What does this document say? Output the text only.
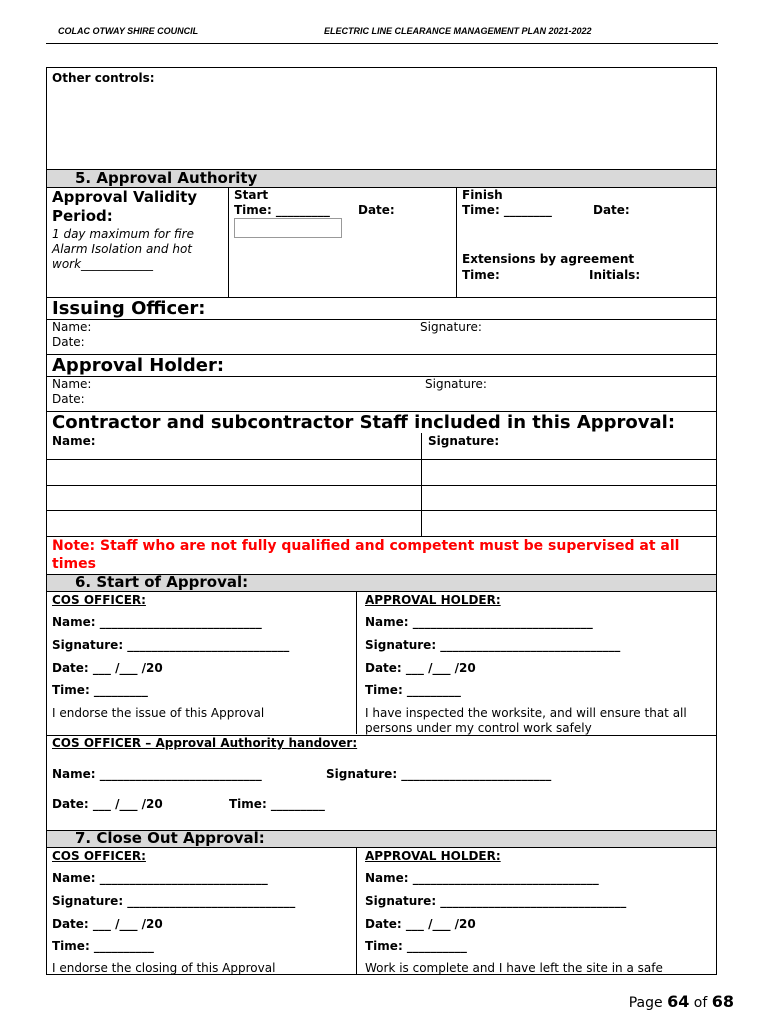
COLAC OTWAY SHIRE COUNCIL	ELECTRIC LINE CLEARANCE MANAGEMENT PLAN 2021-2022
Other controls:
5. Approval Authority
Approval Validity Period:
1 day maximum for fire Alarm Isolation and hot work____________
Start
Time: _________ Date:
Finish
Time: ________	Date:
Extensions by agreement
Time:	Initials:
Issuing Officer:
Name:
Date:
Signature:
Approval Holder:
Name:
Date:
Signature:
Contractor and subcontractor Staff included in this Approval:
Name:	Signature:
Note: Staff who are not fully qualified and competent must be supervised at all times
6. Start of Approval:
COS OFFICER:
Name: ___________________________
Signature: ___________________________
Date: ___ /___ /20
Time: _________
I endorse the issue of this Approval
APPROVAL HOLDER:
Name: ______________________________
Signature: ______________________________
Date: ___ /___ /20
Time: _________
I have inspected the worksite, and will ensure that all persons under my control work safely
COS OFFICER – Approval Authority handover:
Name: ___________________________	Signature: _________________________
Date: ___ /___ /20	Time: _________
7. Close Out Approval:
COS OFFICER:
Name: ____________________________
Signature: ____________________________
Date: ___ /___ /20
Time: __________
I endorse the closing of this Approval
APPROVAL HOLDER:
Name: _______________________________
Signature: _______________________________
Date: ___ /___ /20
Time: __________
Work is complete and I have left the site in a safe
Page 64 of 68
